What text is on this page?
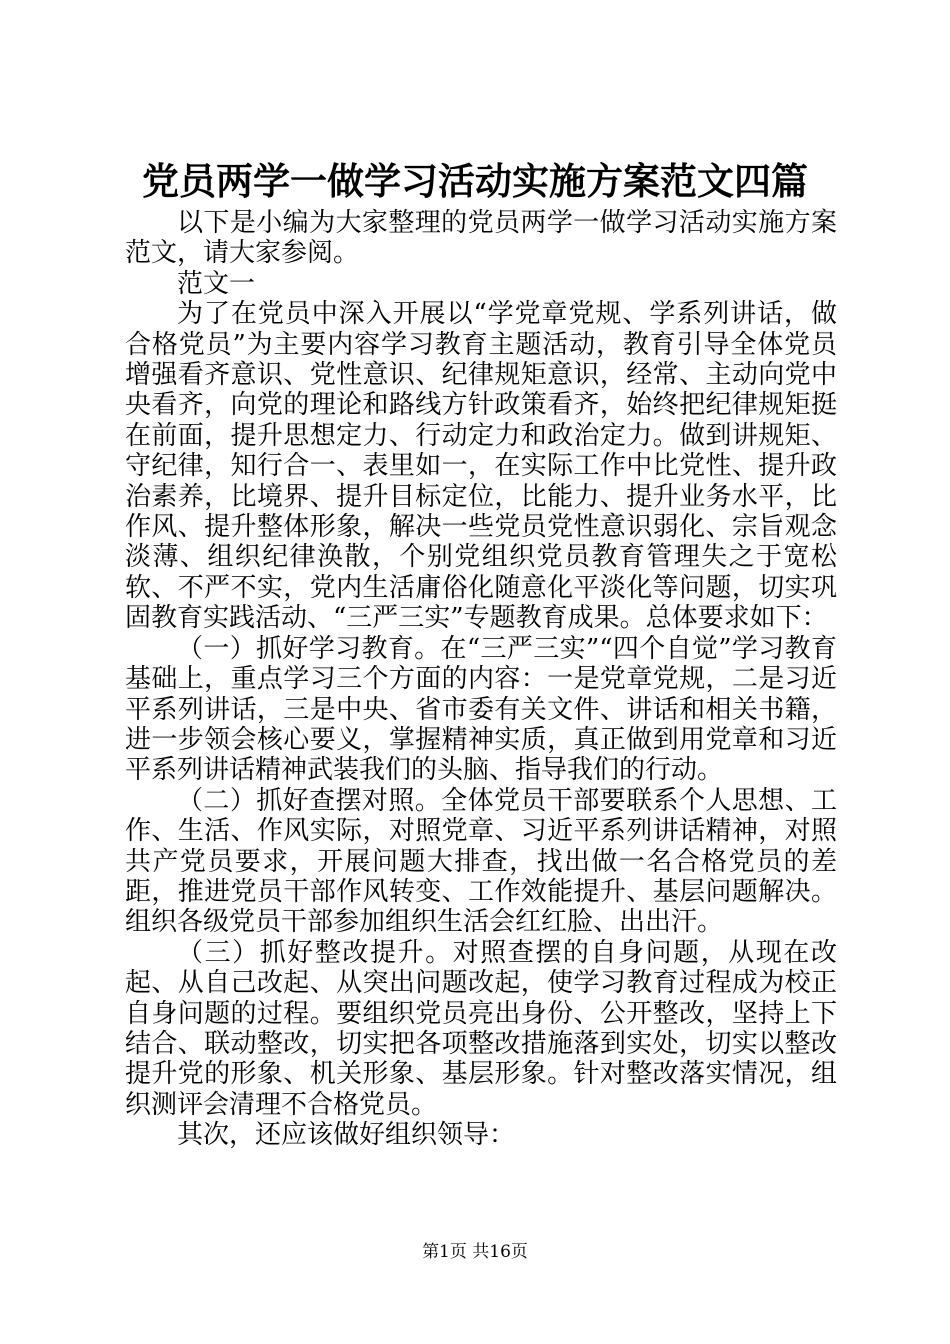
党员两学一做学习活动实施方案范文四篇

以下是小编为大家整理的党员两学一做学习活动实施方案范文，请大家参阅。

范文一

为了在党员中深入开展以“学党章党规、学系列讲话，做合格党员”为主要内容学习教育主题活动，教育引导全体党员增强看齐意识、党性意识、纪律规矩意识，经常、主动向党中央看齐，向党的理论和路线方针政策看齐，始终把纪律规矩挺在前面，提升思想定力、行动定力和政治定力。做到讲规矩、守纪律，知行合一、表里如一，在实际工作中比党性、提升政治素养，比境界、提升目标定位，比能力、提升业务水平，比作风、提升整体形象，解决一些党员党性意识弱化、宗旨观念淡薄、组织纪律涣散，个别党组织党员教育管理失之于宽松软、不严不实，党内生活庸俗化随意化平淡化等问题，切实巩固教育实践活动、“三严三实”专题教育成果。总体要求如下：

（一）抓好学习教育。在“三严三实”“四个自觉”学习教育基础上，重点学习三个方面的内容：一是党章党规，二是习近平系列讲话，三是中央、省市委有关文件、讲话和相关书籍，进一步领会核心要义，掌握精神实质，真正做到用党章和习近平系列讲话精神武装我们的头脑、指导我们的行动。

（二）抓好查摆对照。全体党员干部要联系个人思想、工作、生活、作风实际，对照党章、习近平系列讲话精神，对照共产党员要求，开展问题大排查，找出做一名合格党员的差距，推进党员干部作风转变、工作效能提升、基层问题解决。组织各级党员干部参加组织生活会红红脸、出出汗。

（三）抓好整改提升。对照查摆的自身问题，从现在改起、从自己改起、从突出问题改起，使学习教育过程成为校正自身问题的过程。要组织党员亮出身份、公开整改，坚持上下结合、联动整改，切实把各项整改措施落到实处，切实以整改提升党的形象、机关形象、基层形象。针对整改落实情况，组织测评会清理不合格党员。

其次，还应该做好组织领导：

第1页 共16页
